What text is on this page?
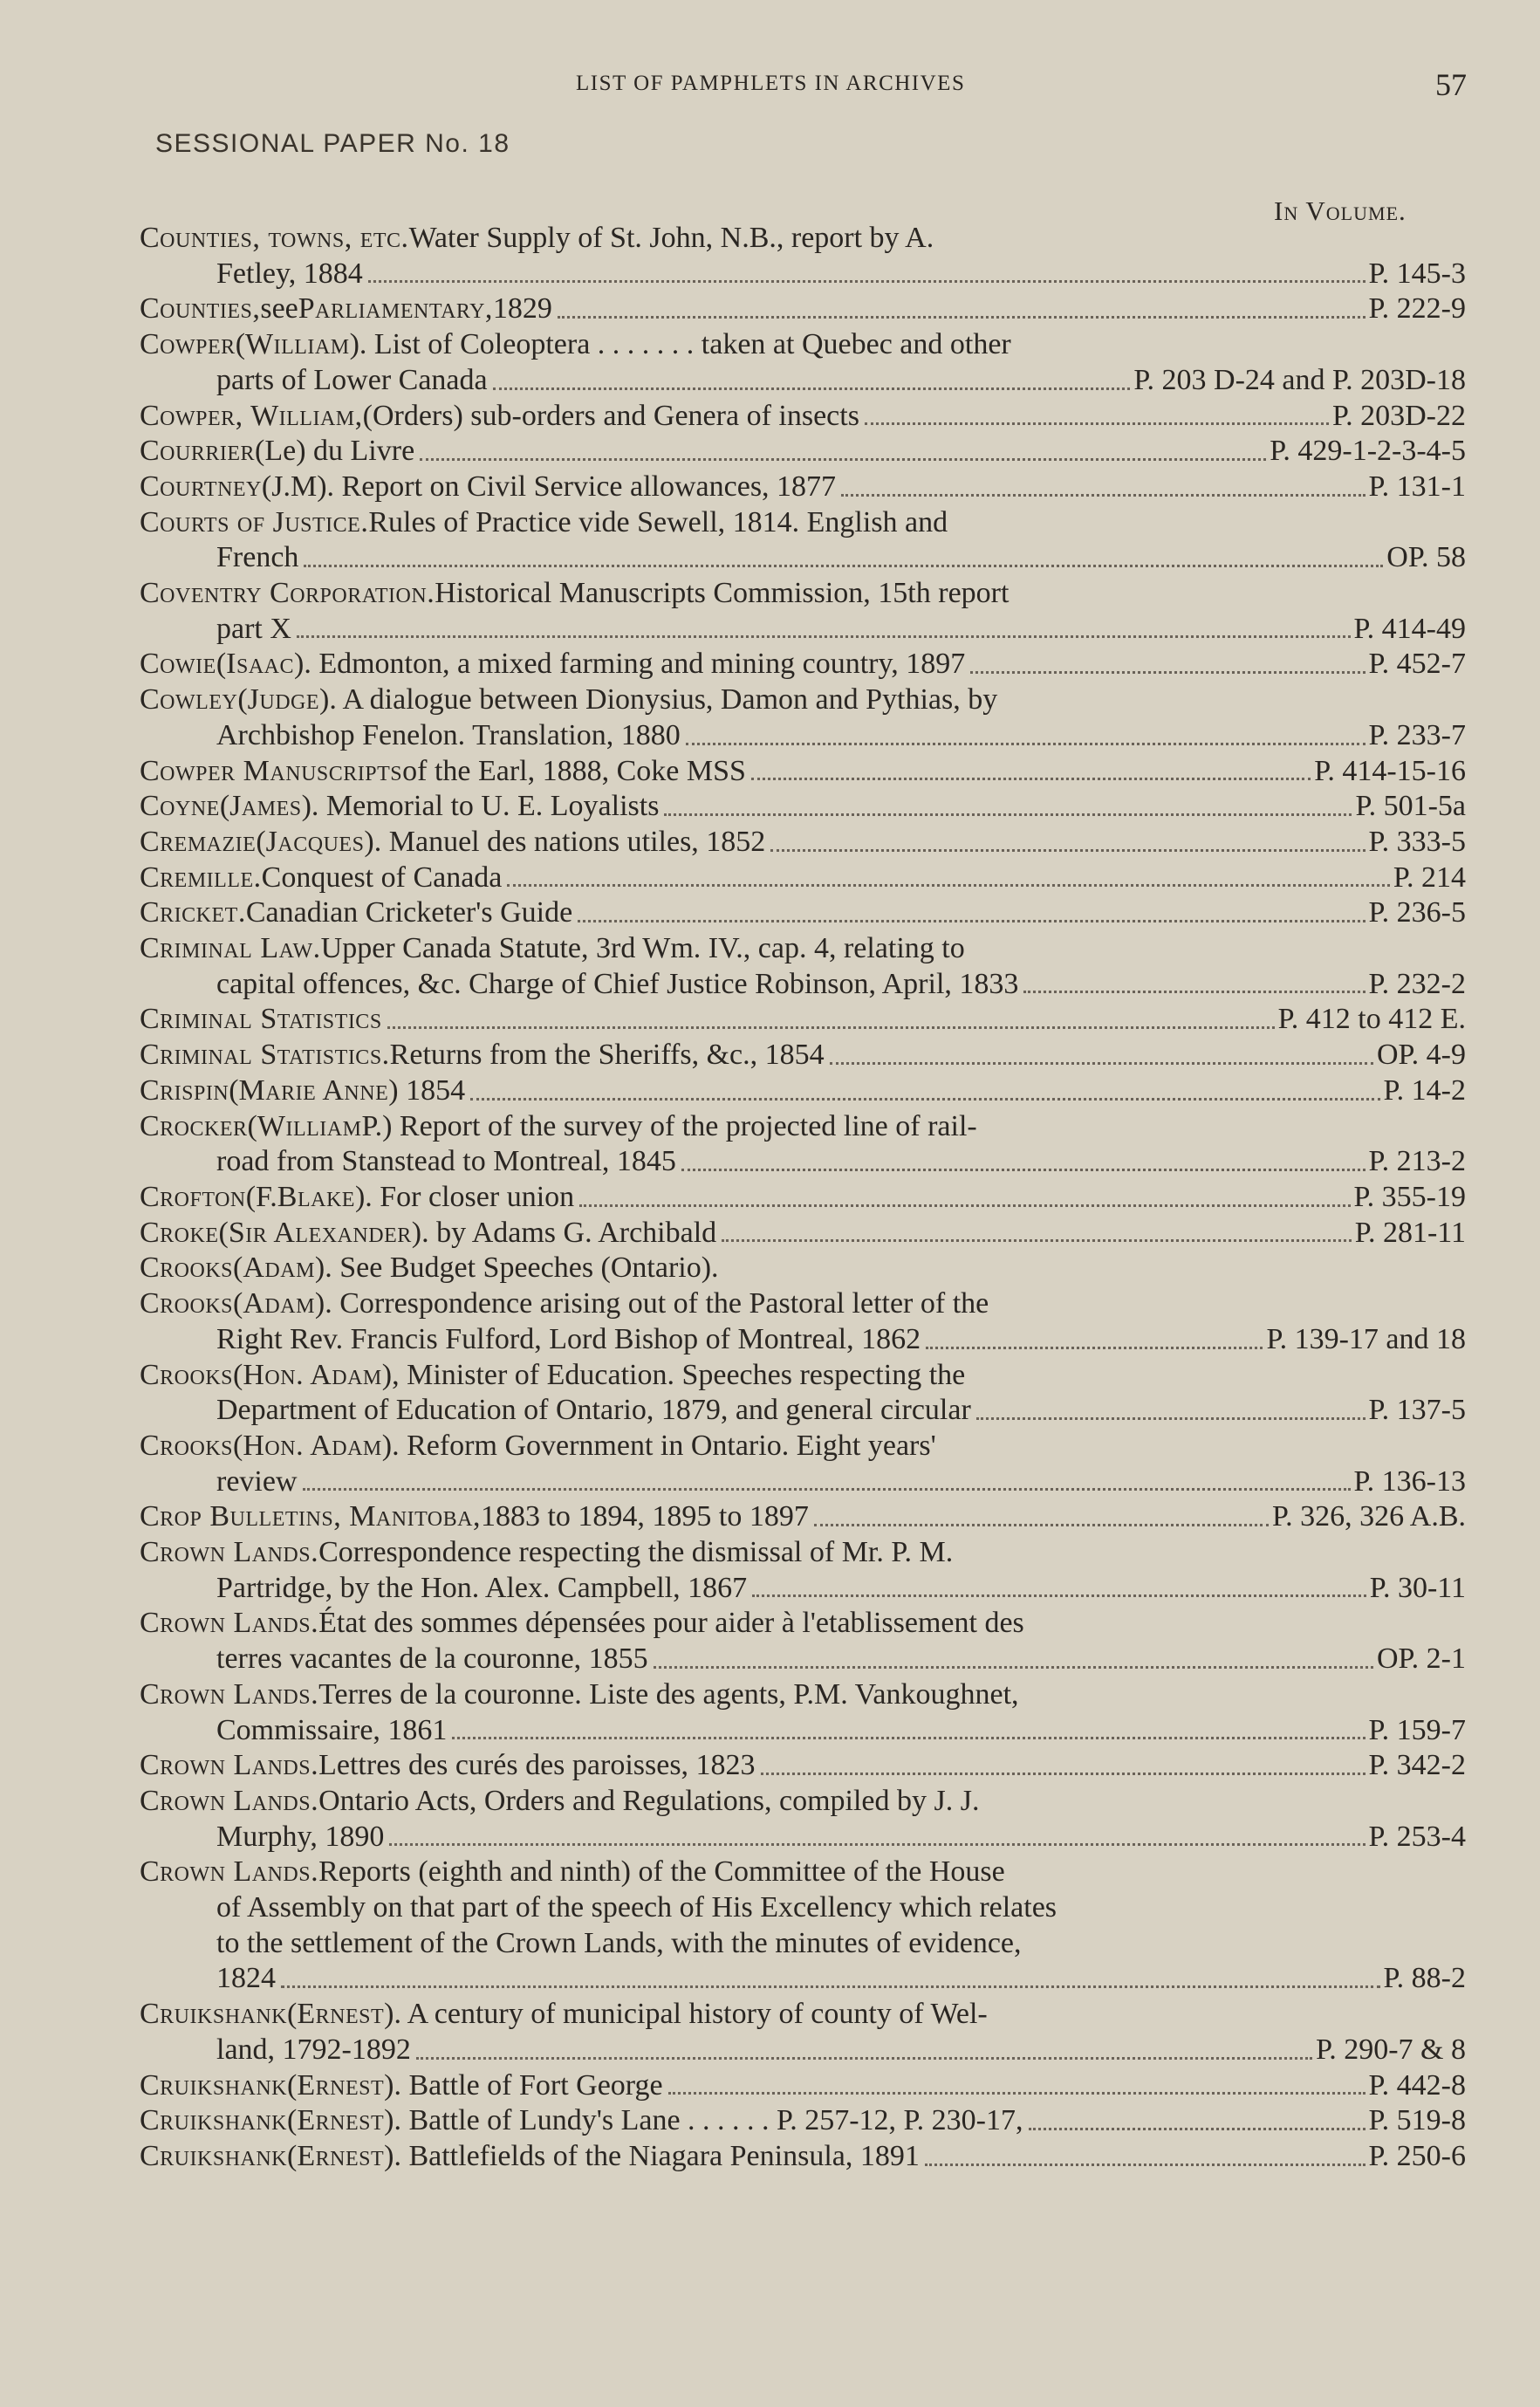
LIST OF PAMPHLETS IN ARCHIVES	57
SESSIONAL PAPER No. 18
In Volume.
Counties, towns, etc. Water Supply of St. John, N.B., report by A.
Fetley, 1884	P. 145-3
Counties, see Parliamentary, 1829	P. 222-9
Cowper ( William ). List of Coleoptera . . . . . . . taken at Quebec and other
parts of Lower Canada	P. 203 D-24 and P. 203D-18
Cowper, William, (Orders) sub-orders and Genera of insects	P. 203D-22
Courrier (Le) du Livre	P. 429-1-2-3-4-5
Courtney (J.M). Report on Civil Service allowances, 1877	P. 131-1
Courts of Justice. Rules of Practice vide Sewell, 1814. English and
French	OP. 58
Coventry Corporation. Historical Manuscripts Commission, 15th report
part X	P. 414-49
Cowie ( Isaac ). Edmonton, a mixed farming and mining country, 1897	P. 452-7
Cowley ( Judge ). A dialogue between Dionysius, Damon and Pythias, by
Archbishop Fenelon. Translation, 1880	P. 233-7
Cowper Manuscripts of the Earl, 1888, Coke MSS	P. 414-15-16
Coyne ( James ). Memorial to U. E. Loyalists	P. 501-5a
Cremazie ( Jacques ). Manuel des nations utiles, 1852	P. 333-5
Cremille. Conquest of Canada	P. 214
Cricket. Canadian Cricketer's Guide	P. 236-5
Criminal Law. Upper Canada Statute, 3rd Wm. IV., cap. 4, relating to
capital offences, &c. Charge of Chief Justice Robinson, April, 1833	P. 232-2
Criminal Statistics	P. 412 to 412 E.
Criminal Statistics. Returns from the Sheriffs, &c., 1854	OP. 4-9
Crispin ( Marie Anne ) 1854	P. 14-2
Crocker ( William P.) Report of the survey of the projected line of rail-
road from Stanstead to Montreal, 1845	P. 213-2
Crofton (F. Blake ). For closer union	P. 355-19
Croke ( Sir Alexander ). by Adams G. Archibald	P. 281-11
Crooks ( Adam ). See Budget Speeches (Ontario).
Crooks ( Adam ). Correspondence arising out of the Pastoral letter of the
Right Rev. Francis Fulford, Lord Bishop of Montreal, 1862	P. 139-17 and 18
Crooks ( Hon. Adam ), Minister of Education. Speeches respecting the
Department of Education of Ontario, 1879, and general circular	P. 137-5
Crooks ( Hon. Adam ). Reform Government in Ontario. Eight years'
review	P. 136-13
Crop Bulletins, Manitoba, 1883 to 1894, 1895 to 1897	P. 326, 326 A.B.
Crown Lands. Correspondence respecting the dismissal of Mr. P. M.
Partridge, by the Hon. Alex. Campbell, 1867	P. 30-11
Crown Lands. État des sommes dépensées pour aider à l'etablissement des
terres vacantes de la couronne, 1855	OP. 2-1
Crown Lands. Terres de la couronne. Liste des agents, P.M. Vankoughnet,
Commissaire, 1861	P. 159-7
Crown Lands. Lettres des curés des paroisses, 1823	P. 342-2
Crown Lands. Ontario Acts, Orders and Regulations, compiled by J. J.
Murphy, 1890	P. 253-4
Crown Lands. Reports (eighth and ninth) of the Committee of the House
of Assembly on that part of the speech of His Excellency which relates
to the settlement of the Crown Lands, with the minutes of evidence,
1824	P. 88-2
Cruikshank ( Ernest ). A century of municipal history of county of Wel-
land, 1792-1892	P. 290-7 & 8
Cruikshank ( Ernest ). Battle of Fort George	P. 442-8
Cruikshank ( Ernest ). Battle of Lundy's Lane . . . . . . P. 257-12, P. 230-17,	P. 519-8
Cruikshank ( Ernest ). Battlefields of the Niagara Peninsula, 1891	P. 250-6
